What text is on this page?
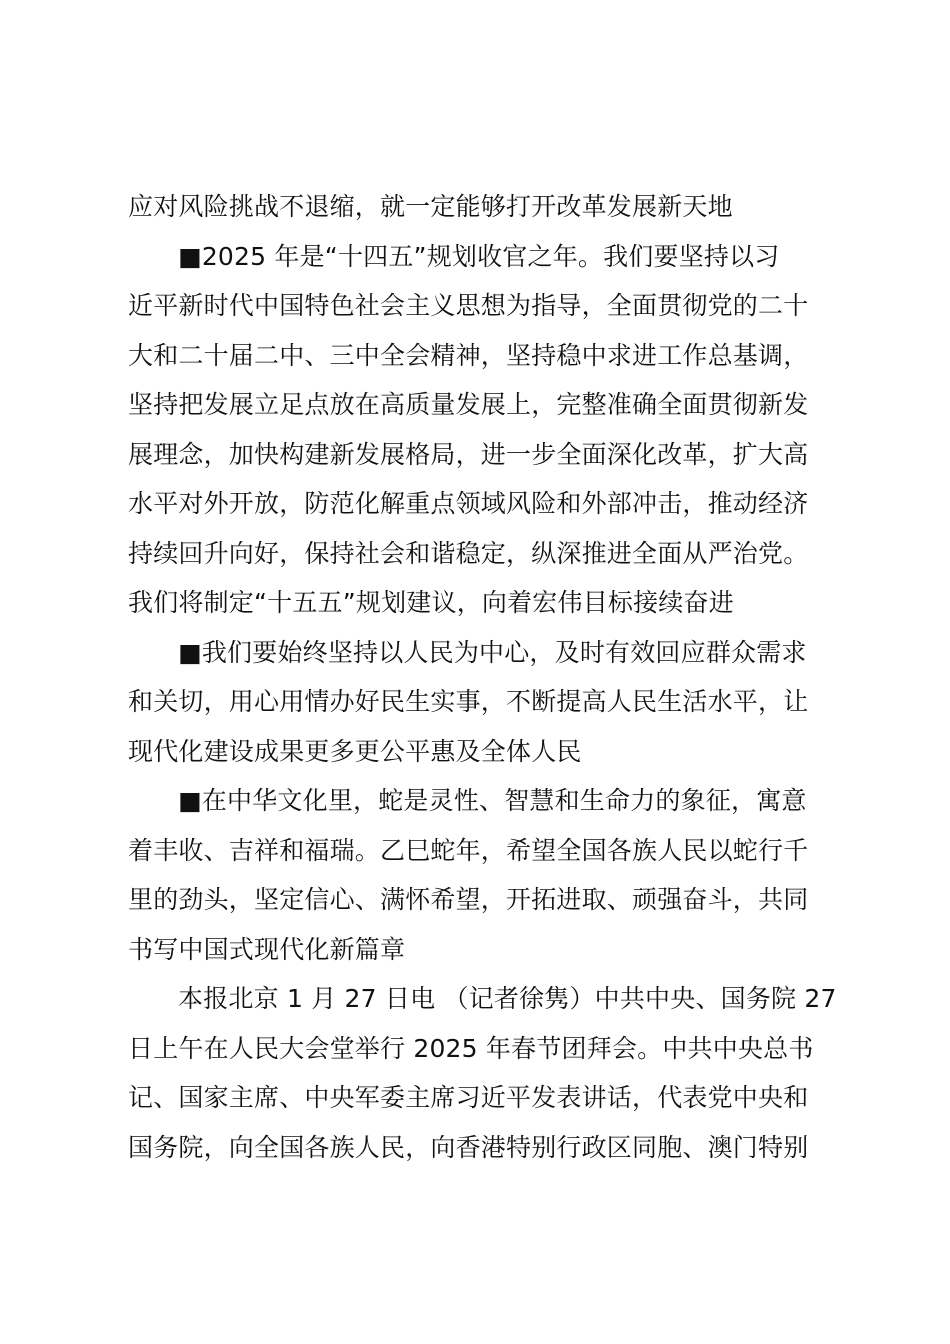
应对风险挑战不退缩，就一定能够打开改革发展新天地
■2025 年是“十四五”规划收官之年。我们要坚持以习
近平新时代中国特色社会主义思想为指导，全面贯彻党的二十
大和二十届二中、三中全会精神，坚持稳中求进工作总基调，
坚持把发展立足点放在高质量发展上，完整准确全面贯彻新发
展理念，加快构建新发展格局，进一步全面深化改革，扩大高
水平对外开放，防范化解重点领域风险和外部冲击，推动经济
持续回升向好，保持社会和谐稳定，纵深推进全面从严治党。
我们将制定“十五五”规划建议，向着宏伟目标接续奋进
■我们要始终坚持以人民为中心，及时有效回应群众需求
和关切，用心用情办好民生实事，不断提高人民生活水平，让
现代化建设成果更多更公平惠及全体人民
■在中华文化里，蛇是灵性、智慧和生命力的象征，寓意
着丰收、吉祥和福瑞。乙巳蛇年，希望全国各族人民以蛇行千
里的劲头，坚定信心、满怀希望，开拓进取、顽强奋斗，共同
书写中国式现代化新篇章
本报北京 1 月 27 日电 （记者徐隽）中共中央、国务院 27
日上午在人民大会堂举行 2025 年春节团拜会。中共中央总书
记、国家主席、中央军委主席习近平发表讲话，代表党中央和
国务院，向全国各族人民，向香港特别行政区同胞、澳门特别
